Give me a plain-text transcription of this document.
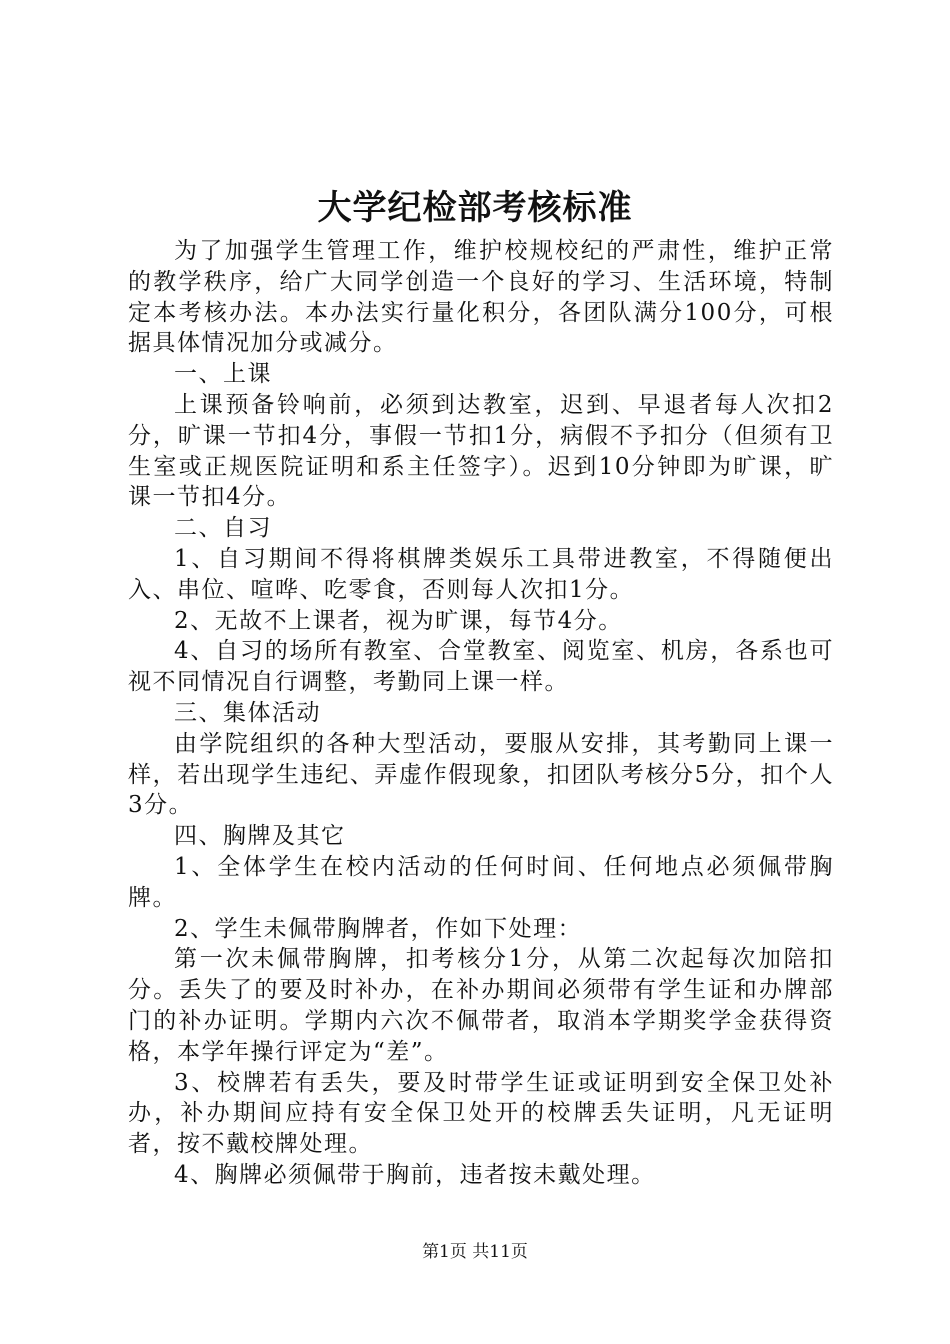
大学纪检部考核标准

为了加强学生管理工作，维护校规校纪的严肃性，维护正常的教学秩序，给广大同学创造一个良好的学习、生活环境，特制定本考核办法。本办法实行量化积分，各团队满分100分，可根据具体情况加分或减分。

一、上课

上课预备铃响前，必须到达教室，迟到、早退者每人次扣2分，旷课一节扣4分，事假一节扣1分，病假不予扣分（但须有卫生室或正规医院证明和系主任签字）。迟到10分钟即为旷课，旷课一节扣4分。

二、自习

1、自习期间不得将棋牌类娱乐工具带进教室，不得随便出入、串位、喧哗、吃零食，否则每人次扣1分。

2、无故不上课者，视为旷课，每节4分。

4、自习的场所有教室、合堂教室、阅览室、机房，各系也可视不同情况自行调整，考勤同上课一样。

三、集体活动

由学院组织的各种大型活动，要服从安排，其考勤同上课一样，若出现学生违纪、弄虚作假现象，扣团队考核分5分，扣个人3分。

四、胸牌及其它

1、全体学生在校内活动的任何时间、任何地点必须佩带胸牌。

2、学生未佩带胸牌者，作如下处理：

第一次未佩带胸牌，扣考核分1分，从第二次起每次加陪扣分。丢失了的要及时补办，在补办期间必须带有学生证和办牌部门的补办证明。学期内六次不佩带者，取消本学期奖学金获得资格，本学年操行评定为“差”。

3、校牌若有丢失，要及时带学生证或证明到安全保卫处补办，补办期间应持有安全保卫处开的校牌丢失证明，凡无证明者，按不戴校牌处理。

4、胸牌必须佩带于胸前，违者按未戴处理。

第1页 共11页
